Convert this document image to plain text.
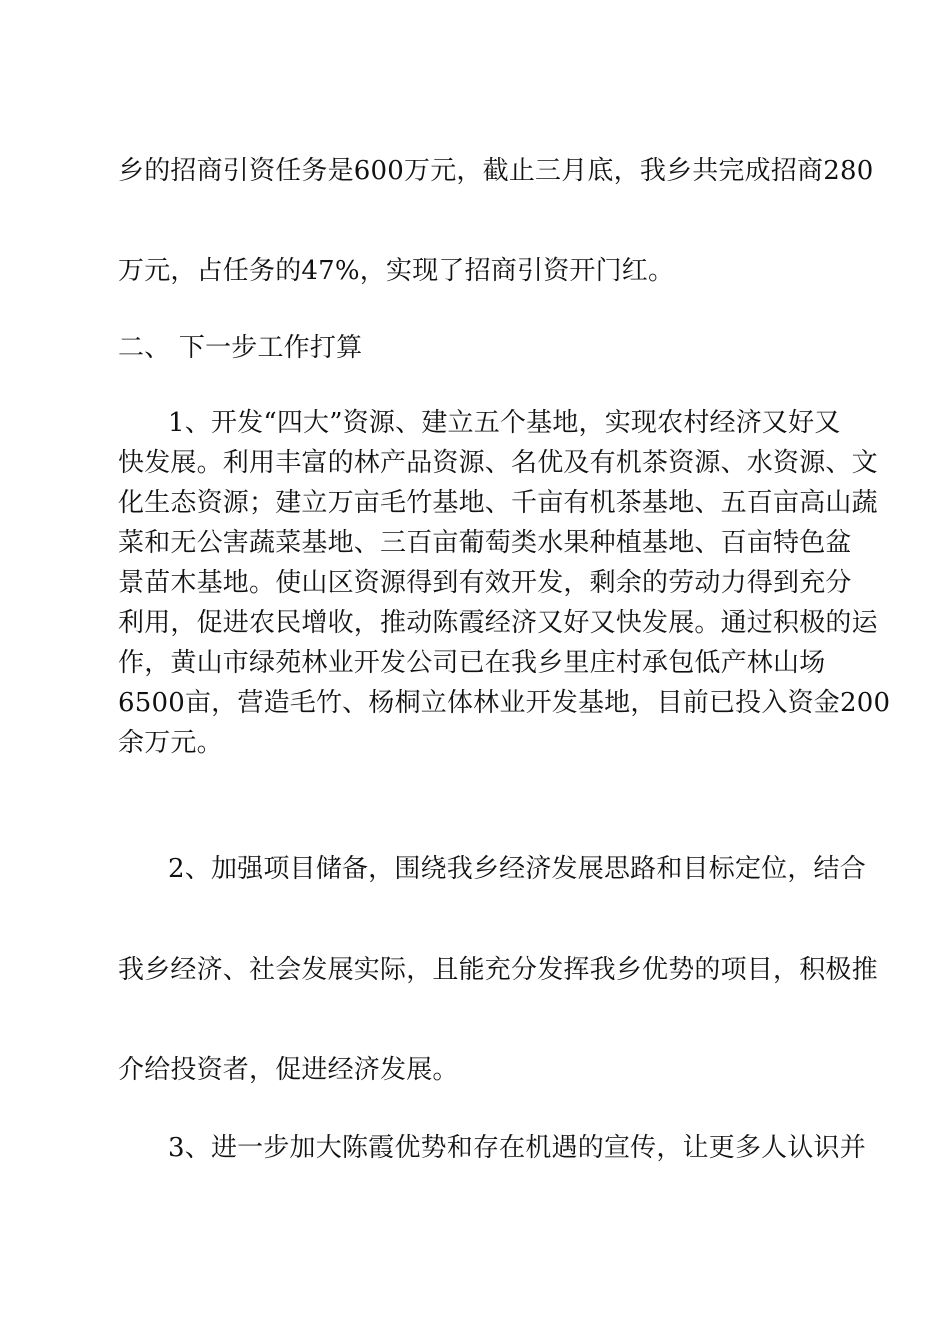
乡的招商引资任务是600万元，截止三月底，我乡共完成招商280
万元，占任务的47%，实现了招商引资开门红。
二、 下一步工作打算
1、开发“四大”资源、建立五个基地，实现农村经济又好又
快发展。利用丰富的林产品资源、名优及有机茶资源、水资源、文
化生态资源；建立万亩毛竹基地、千亩有机茶基地、五百亩高山蔬
菜和无公害蔬菜基地、三百亩葡萄类水果种植基地、百亩特色盆
景苗木基地。使山区资源得到有效开发，剩余的劳动力得到充分
利用，促进农民增收，推动陈霞经济又好又快发展。通过积极的运
作，黄山市绿苑林业开发公司已在我乡里庄村承包低产林山场
6500亩，营造毛竹、杨桐立体林业开发基地，目前已投入资金200
余万元。
2、加强项目储备，围绕我乡经济发展思路和目标定位，结合
我乡经济、社会发展实际，且能充分发挥我乡优势的项目，积极推
介给投资者，促进经济发展。
3、进一步加大陈霞优势和存在机遇的宣传，让更多人认识并
